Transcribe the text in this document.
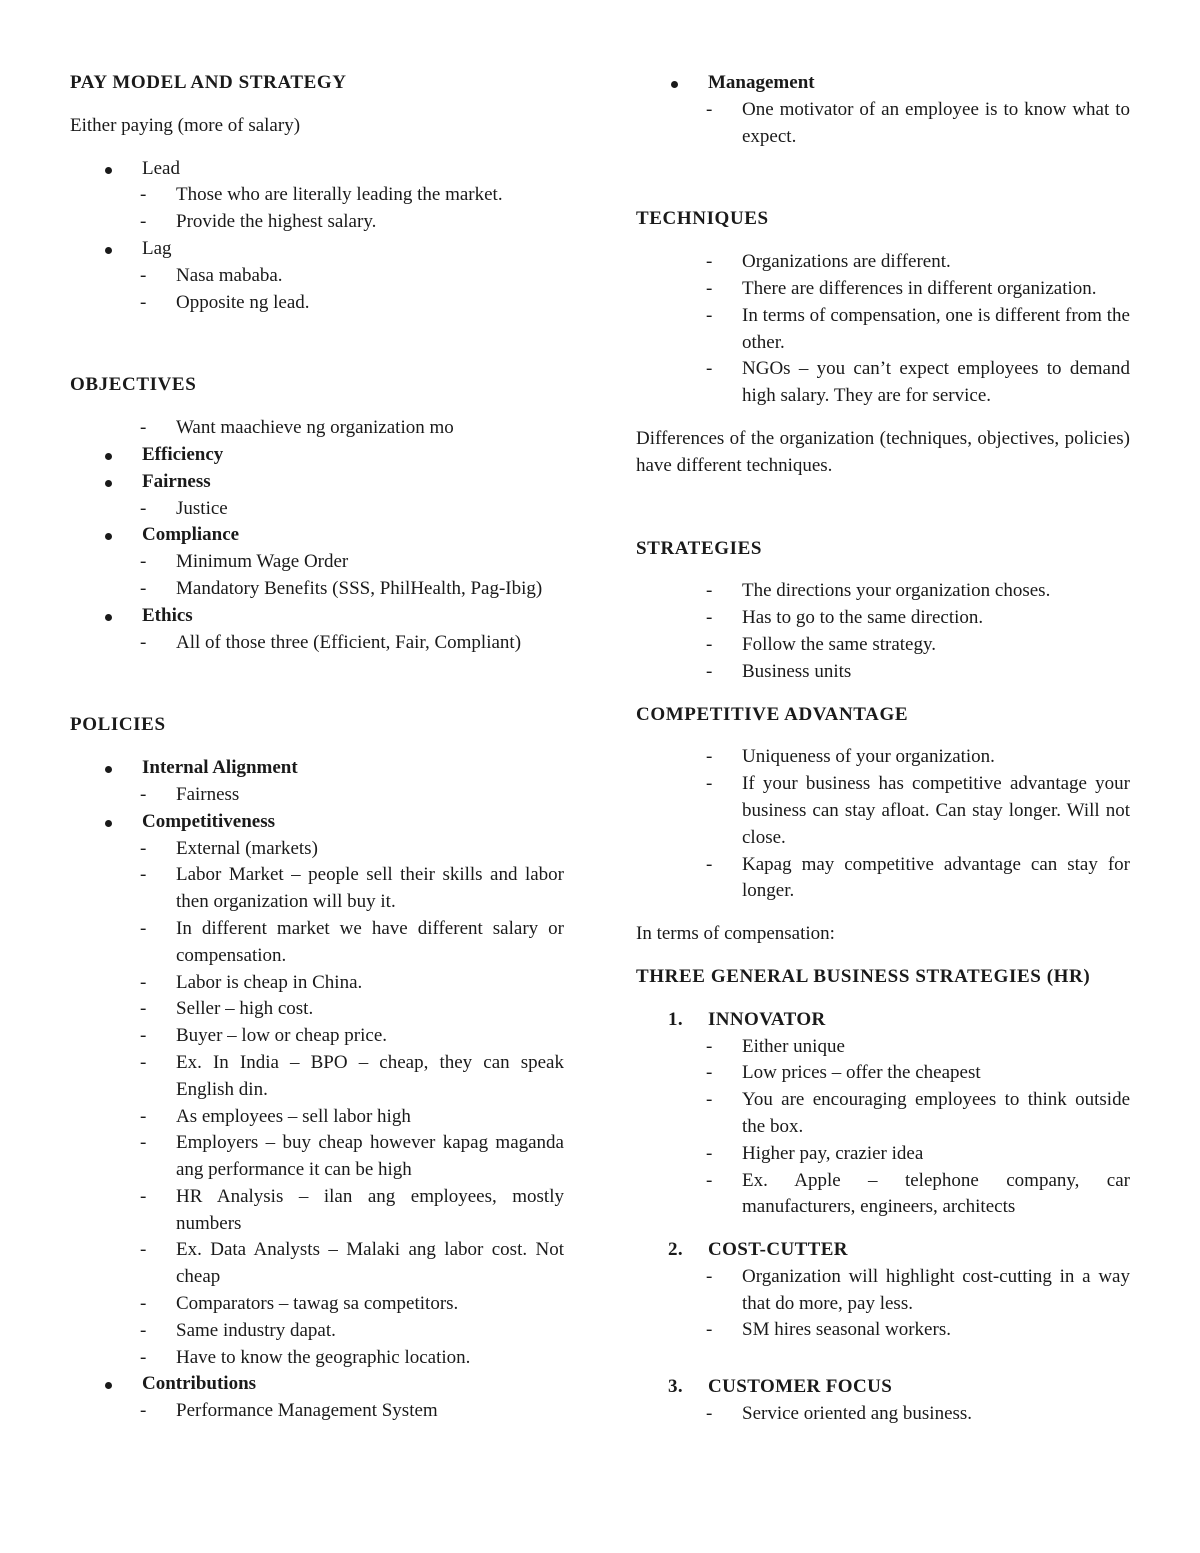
PAY MODEL AND STRATEGY
Either paying (more of salary)
Lead
- Those who are literally leading the market.
- Provide the highest salary.
Lag
- Nasa mababa.
- Opposite ng lead.
OBJECTIVES
- Want maachieve ng organization mo
Efficiency
Fairness
- Justice
Compliance
- Minimum Wage Order
- Mandatory Benefits (SSS, PhilHealth, Pag-Ibig)
Ethics
- All of those three (Efficient, Fair, Compliant)
POLICIES
Internal Alignment
- Fairness
Competitiveness
- External (markets)
- Labor Market – people sell their skills and labor then organization will buy it.
- In different market we have different salary or compensation.
- Labor is cheap in China.
- Seller – high cost.
- Buyer – low or cheap price.
- Ex. In India – BPO – cheap, they can speak English din.
- As employees – sell labor high
- Employers – buy cheap however kapag maganda ang performance it can be high
- HR Analysis – ilan ang employees, mostly numbers
- Ex. Data Analysts – Malaki ang labor cost. Not cheap
- Comparators – tawag sa competitors.
- Same industry dapat.
- Have to know the geographic location.
Contributions
- Performance Management System
Management
- One motivator of an employee is to know what to expect.
TECHNIQUES
- Organizations are different.
- There are differences in different organization.
- In terms of compensation, one is different from the other.
- NGOs – you can’t expect employees to demand high salary. They are for service.
Differences of the organization (techniques, objectives, policies) have different techniques.
STRATEGIES
- The directions your organization choses.
- Has to go to the same direction.
- Follow the same strategy.
- Business units
COMPETITIVE ADVANTAGE
- Uniqueness of your organization.
- If your business has competitive advantage your business can stay afloat. Can stay longer. Will not close.
- Kapag may competitive advantage can stay for longer.
In terms of compensation:
THREE GENERAL BUSINESS STRATEGIES (HR)
1. INNOVATOR
- Either unique
- Low prices – offer the cheapest
- You are encouraging employees to think outside the box.
- Higher pay, crazier idea
- Ex. Apple – telephone company, car manufacturers, engineers, architects
2. COST-CUTTER
- Organization will highlight cost-cutting in a way that do more, pay less.
- SM hires seasonal workers.
3. CUSTOMER FOCUS
- Service oriented ang business.
